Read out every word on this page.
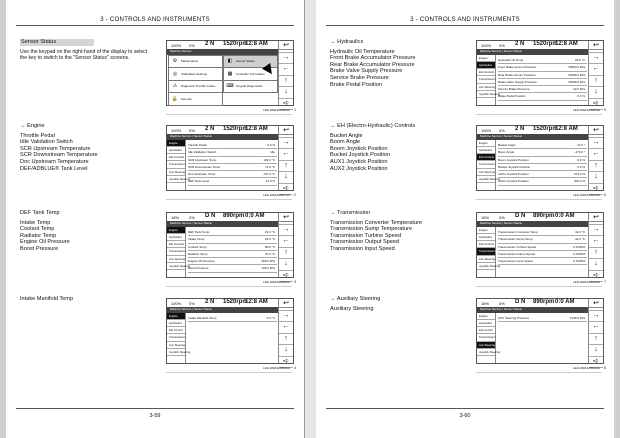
3 - CONTROLS AND INSTRUMENTS
3-59
Sensor Status
Use the keypad on the right-hand of the display to select the key to switch to the "Sensor Status" screens.
→ Engine
Throttle Pedal
Idle Validation Switch
SCR Upstream Temperature
SCR Downstream Temperature
Doc Upstream Temperature
DEF/ADBLUE® Tank Level
DEF Tank Temp
Intake Temp
Coolant Temp
Radiator Temp
Engine Oil Pressure
Boost Pressure
Intake Manifold Temp
100% 0% 2 N 1520rpm
12:8 AM
Machine Service
↩
→
←
↑
↓
➪
⚙	Maintenance	◧	Sensor Status
◎	Calibration Settings	▦	Controller Information
⚠	Diagnostic Trouble Codes	⌨ Keypad Diagnostics
🔒 Security
LEIL19WHL0836AA 1
100% 0% 2 N 1520rpm
12:8 AM
Machine Service | Sensor Status
↩
→
←
↑
↓
➪
Engine
Hydraulics
EH Controls
Transmission
Aux Steering
Joystick Steering
Throttle Pedal	0.0 %
Idle Validation Switch	Idle
SCR Upstream Temp	129.0 °C
SCR Downstream Temp	73.0 °C
Doc Upstream Temp	137.0 °C
DEF Tank Level	70.0 %
LEIL19WHL0837AA 2
18% 0% D N 890rpm 0:0 AM
Machine Service | Sensor Status
↩
→
←
↑
↓
➪
Engine
Hydraulics
EH Controls
Transmission
Aux Steering
Joystick Steering
DEF Tank Temp	23.0 °C
Intake Temp	26.0 °C
Coolant Temp	80.0 °C
Radiator Temp	37.0 °C
Engine Oil Pressure	380.0 kPa
Boost Pressure	100.0 kPa
LEIL19WHL0838AA 3
100% 0% 2 N 1520rpm
12:8 AM
Machine Service | Sensor Status
↩
→
←
↑
↓
➪
Engine
Hydraulics
EH Control
Transmission
Aux Steering
Joystick Steering
Intake Manifold Temp	0.0 °C
LEIL19WHL0839AA 4
3 - CONTROLS AND INSTRUMENTS
3-60
→ Hydraulics
Hydraulic Oil Temperature
Front Brake Accumulator Pressure
Rear Brake Accumulator Pressure
Brake Valve Supply Pressure
Service Brake Pressure
Brake Pedal Position
→ EH (Electro-Hydraulic) Controls
Bucket Angle
Boom Angle
Boom Joystick Position
Bucket Joystick Position
AUX1 Joystick Position
AUX2 Joystick Position
→ Transmission
Transmission Converter Temperature
Transmission Sump Temperature
Transmission Turbine Speed
Transmission Output Speed
Transmission Input Speed
→ Auxiliary Steering
Auxiliary Steering
100% 0% 2 N 1520rpm
12:8 AM
Machine Service | Sensor Status
↩
→
←
↑
↓
➪
Engine
Hydraulics
EH Controls
Transmission
Aux Steering
Joystick Steering
Hydraulic Oil Temp	29.0 °C
Front Brake Accum Pressure	15593.0 kPa
Rear Brake Accum Pressure	14998.0 kPa
Brake Valve Supply Pressure	15938.0 kPa
Service Brake Pressure	42.0 kPa
Brake Pedal Position	0.0 %
LEIL19WHL0840AA 5
100% 0% 2 N 1520rpm
12:8 AM
Machine Service | Sensor Status
↩
→
←
↑
↓
➪
Engine
Hydraulics
EH Controls
Transmission
Aux Steering
Joystick Steering
Bucket Angle	13.0 °
Boom Angle	-273.0 °
Boom Joystick Position	0.0 %
Bucket Joystick Position	0.0 %
AUX1 Joystick Position	273.0 %
AUX2 Joystick Position	300.0 %
LEIL19WHL0841AA 6
18% 0% D N 890rpm 0:0 AM
Machine Service | Sensor Status
↩
→
←
↑
↓
➪
Engine
Hydraulics
EH Controls
Transmission
Aux Steering
Joystick Steering
Transmission Converter Temp	41.0 °C
Transmission Sump Temp	42.0 °C
Transmission Turbine Speed	0.0 RPM
Transmission Output Speed	0.0 RPM
Transmission Input Speed	0.0 RPM
LEIL19WHL0842AA 7
18% 0% D N 890rpm 0:0 AM
Machine Service | Sensor Status
↩
→
←
↑
↓
➪
Engine
Hydraulics
EH Control
Transmission
Aux Steering
Joystick Steering
AUX Steering Pressure	1238.0 kPa
LEIL19WHL0843AA 8
